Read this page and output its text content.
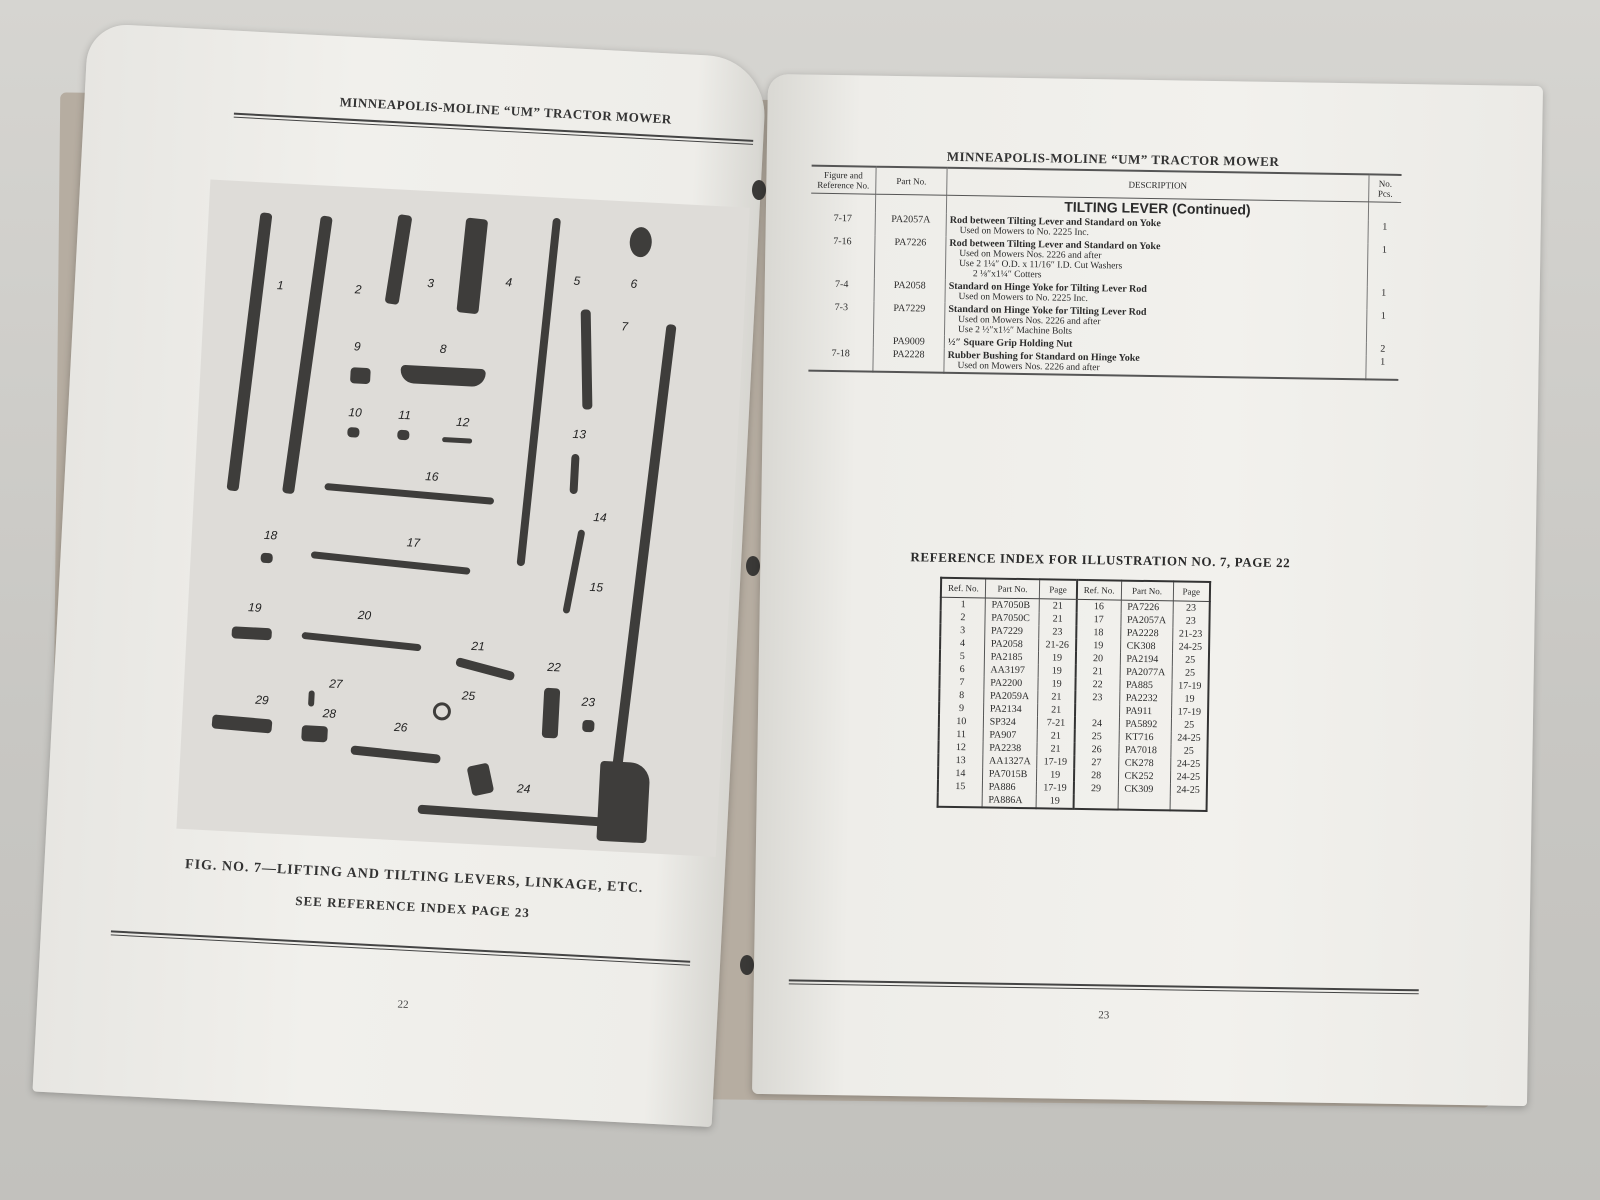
MINNEAPOLIS-MOLINE “UM” TRACTOR MOWER
1	2	3	4	5	6
7
8
9
10	11	12
13
14
15
16
17
18
19
20
21
22
23
24
25
26
27
28
29
FIG. NO. 7—LIFTING AND TILTING LEVERS, LINKAGE, ETC.
SEE REFERENCE INDEX PAGE 23
22
MINNEAPOLIS-MOLINE “UM” TRACTOR MOWER
Figure and Reference No.	Part No.	DESCRIPTION	No. Pcs.
		TILTING LEVER (Continued)	
7-17	PA2057A	Rod between Tilting Lever and Standard on Yoke
Used on Mowers to No. 2225 Inc.	1
7-16	PA7226	Rod between Tilting Lever and Standard on Yoke
Used on Mowers Nos. 2226 and after
Use 2 1¼″ O.D. x 11/16″ I.D. Cut Washers
2 ⅛″x1¼″ Cotters	1
7-4	PA2058	Standard on Hinge Yoke for Tilting Lever Rod
Used on Mowers to No. 2225 Inc.	1
7-3	PA7229	Standard on Hinge Yoke for Tilting Lever Rod
Used on Mowers Nos. 2226 and after
Use 2 ½″x1½″ Machine Bolts	1
	PA9009	½″ Square Grip Holding Nut	2
7-18	PA2228	Rubber Bushing for Standard on Hinge Yoke
Used on Mowers Nos. 2226 and after	1
REFERENCE INDEX FOR ILLUSTRATION NO. 7, PAGE 22
Ref. No.	Part No.	Page	Ref. No.	Part No.	Page
1	PA7050B	21	16	PA7226	23
2	PA7050C	21	17	PA2057A	23
3	PA7229	23	18	PA2228	21-23
4	PA2058	21-26	19	CK308	24-25
5	PA2185	19	20	PA2194	25
6	AA3197	19	21	PA2077A	25
7	PA2200	19	22	PA885	17-19
8	PA2059A	21	23	PA2232	19
9	PA2134	21		PA911	17-19
10	SP324	7-21	24	PA5892	25
11	PA907	21	25	KT716	24-25
12	PA2238	21	26	PA7018	25
13	AA1327A	17-19	27	CK278	24-25
14	PA7015B	19	28	CK252	24-25
15	PA886	17-19	29	CK309	24-25
	PA886A	19			
23
